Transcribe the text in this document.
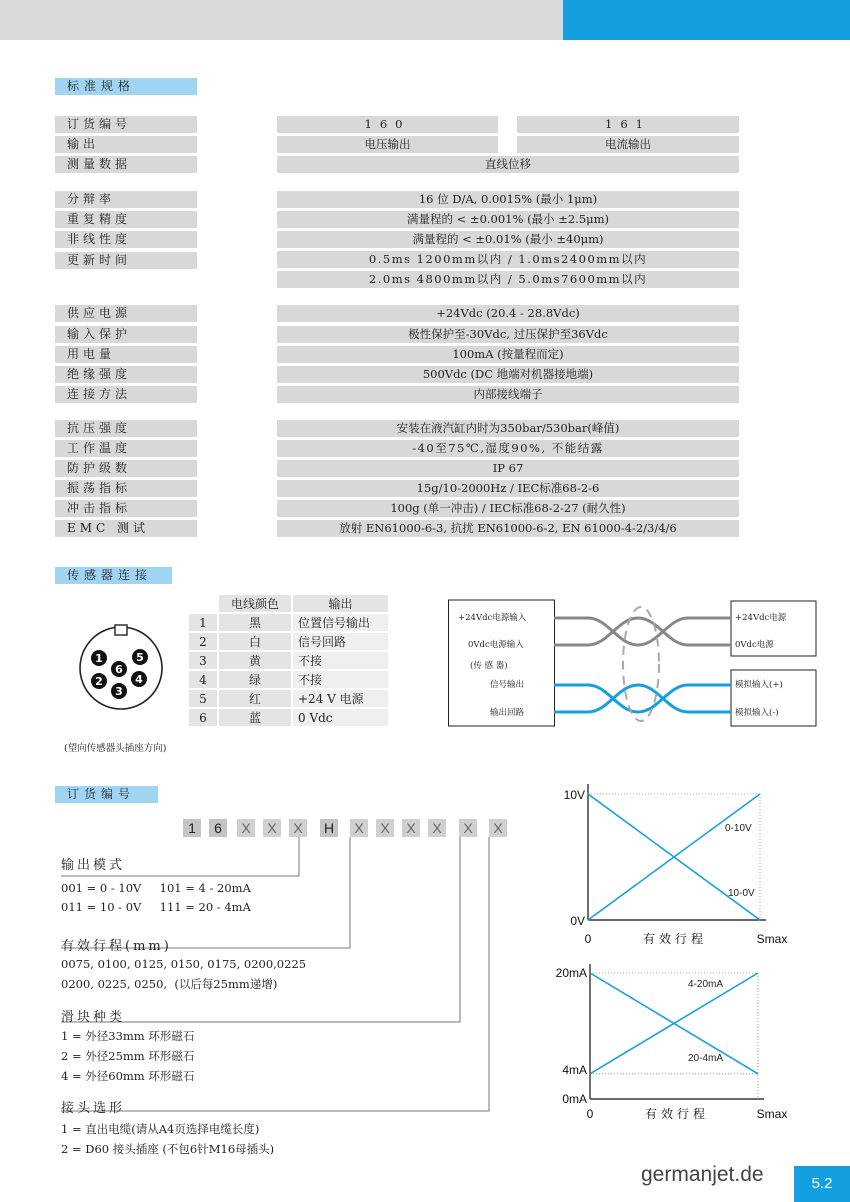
标准规格
订货编号	160	161
输出	电压输出	电流输出
测量数据	直线位移
分辩率	16 位 D/A, 0.0015% (最小 1μm)
重复精度	满量程的 < ±0.001% (最小 ±2.5μm)
非线性度	满量程的 < ±0.01% (最小 ±40μm)
更新时间	0.5ms 1200mm以内 / 1.0ms2400mm以内
2.0ms 4800mm以内 / 5.0ms7600mm以内
供应电源	+24Vdc (20.4 - 28.8Vdc)
输入保护	极性保护至-30Vdc, 过压保护至36Vdc
用电量	100mA (按量程而定)
绝缘强度	500Vdc (DC 地端对机器接地端)
连接方法	内部接线端子
抗压强度	安装在液汽缸内时为350bar/530bar(峰值)
工作温度	-40至75℃,湿度90%, 不能结露
防护级数	IP 67
振荡指标	15g/10-2000Hz / IEC标准68-2-6
冲击指标	100g (单一冲击) / IEC标准68-2-27 (耐久性)
EMC 测试	放射 EN61000-6-3, 抗扰 EN61000-6-2, EN 61000-4-2/3/4/6
传感器连接
1
2
3
4
5
6
(望向传感器头插座方向)
	电线颜色	输出
1	黑	位置信号输出
2	白	信号回路
3	黄	不接
4	绿	不接
5	红	+24 V 电源
6	蓝	0 Vdc
+24Vdc电源输入
0Vdc电源输入
(传 感 器)
信号输出
输出回路
+24Vdc电源
0Vdc电源
模拟输入(+)
模拟输入(-)
订货编号
1	6	X	X	X	H	X	X	X	X	X	X
输出模式
001 = 0 - 10V     101 = 4 - 20mA
011 = 10 - 0V     111 = 20 - 4mA
有效行程(mm)
0075, 0100, 0125, 0150, 0175, 0200,0225
0200, 0225, 0250,  (以后每25mm递增)
滑块种类
1 = 外径33mm 环形磁石
2 = 外径25mm 环形磁石
4 = 外径60mm 环形磁石
接头选形
1 = 直出电缆(请从A4页选择电缆长度)
2 = D60 接头插座 (不包6针M16母插头)
0-10V
10-0V
10V
0V
0	Smax
有效行程
4-20mA
20-4mA
20mA
4mA
0mA
0	Smax
有效行程
germanjet.de	5.2
